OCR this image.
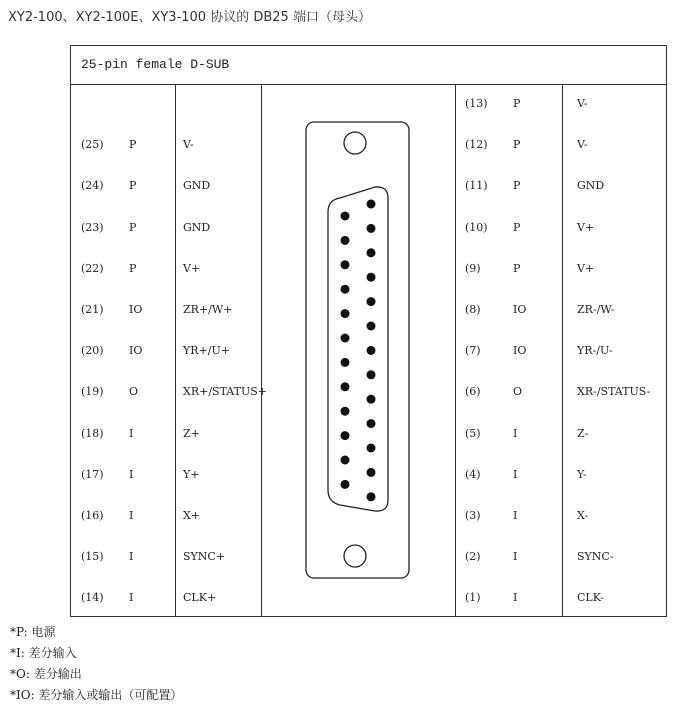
XY2-100、XY2-100E、XY3-100 协议的 DB25 端口（母头）
25-pin female D-SUB
(25) P	V-
(24) P	GND
(23) P	GND
(22) P	V+
(21) IO	ZR+/W+
(20) IO	YR+/U+
(19) O	XR+/STATUS+
(18) I	Z+
(17) I	Y+
(16) I	X+
(15) I	SYNC+
(14) I	CLK+
(13) P	V-
(12) P	V-
(11) P	GND
(10) P	V+
(9)	P	V+
(8)	IO	ZR-/W-
(7)	IO	YR-/U-
(6)	O	XR-/STATUS-
(5)	I	Z-
(4)	I	Y-
(3)	I	X-
(2)	I	SYNC-
(1)	I	CLK-
*P: 电源
*I: 差分输入
*O: 差分输出
*IO: 差分输入或输出（可配置）
